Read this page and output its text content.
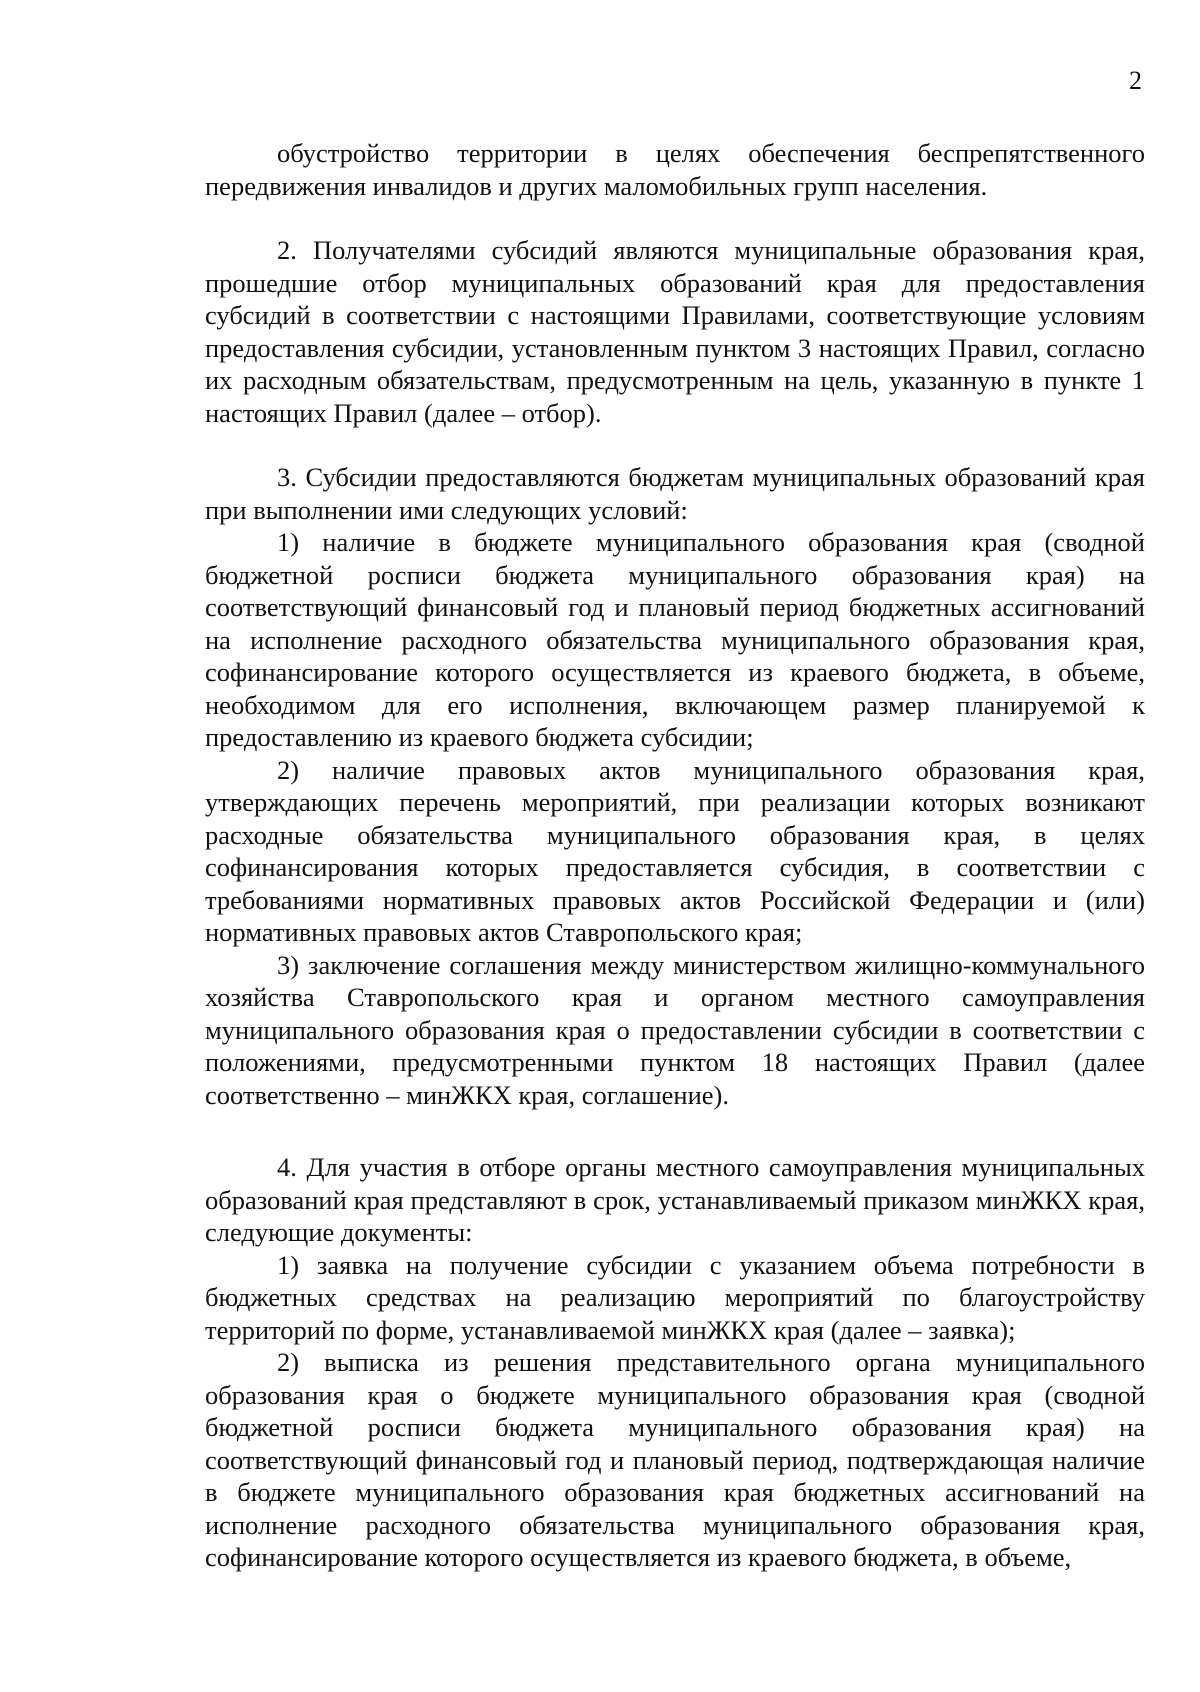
2

обустройство территории в целях обеспечения беспрепятственного передвижения инвалидов и других маломобильных групп населения.

2. Получателями субсидий являются муниципальные образования края, прошедшие отбор муниципальных образований края для предоставления субсидий в соответствии с настоящими Правилами, соответствующие условиям предоставления субсидии, установленным пунктом 3 настоящих Правил, согласно их расходным обязательствам, предусмотренным на цель, указанную в пункте 1 настоящих Правил (далее – отбор).

3. Субсидии предоставляются бюджетам муниципальных образований края при выполнении ими следующих условий:

1) наличие в бюджете муниципального образования края (сводной бюджетной росписи бюджета муниципального образования края) на соответствующий финансовый год и плановый период бюджетных ассигнований на исполнение расходного обязательства муниципального образования края, софинансирование которого осуществляется из краевого бюджета, в объеме, необходимом для его исполнения, включающем размер планируемой к предоставлению из краевого бюджета субсидии;

2) наличие правовых актов муниципального образования края, утверждающих перечень мероприятий, при реализации которых возникают расходные обязательства муниципального образования края, в целях софинансирования которых предоставляется субсидия, в соответствии с требованиями нормативных правовых актов Российской Федерации и (или) нормативных правовых актов Ставропольского края;

3) заключение соглашения между министерством жилищно-коммунального хозяйства Ставропольского края и органом местного самоуправления муниципального образования края о предоставлении субсидии в соответствии с положениями, предусмотренными пунктом 18 настоящих Правил (далее соответственно – минЖКХ края, соглашение).

4. Для участия в отборе органы местного самоуправления муниципальных образований края представляют в срок, устанавливаемый приказом минЖКХ края, следующие документы:

1) заявка на получение субсидии с указанием объема потребности в бюджетных средствах на реализацию мероприятий по благоустройству территорий по форме, устанавливаемой минЖКХ края (далее – заявка);

2) выписка из решения представительного органа муниципального образования края о бюджете муниципального образования края (сводной бюджетной росписи бюджета муниципального образования края) на соответствующий финансовый год и плановый период, подтверждающая наличие в бюджете муниципального образования края бюджетных ассигнований на исполнение расходного обязательства муниципального образования края, софинансирование которого осуществляется из краевого бюджета, в объеме,
